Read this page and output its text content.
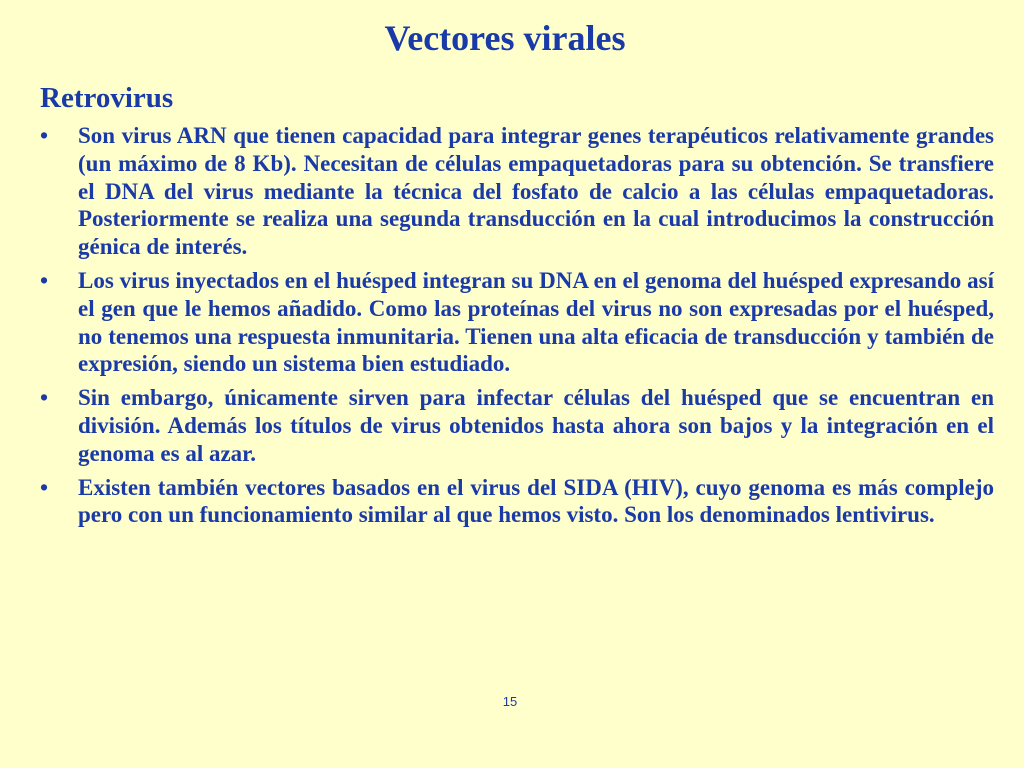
Vectores virales
Retrovirus
•	Son virus ARN que tienen capacidad para integrar genes terapéuticos relativamente grandes (un máximo de 8 Kb). Necesitan de células empaquetadoras para su obtención. Se transfiere el DNA del virus mediante la técnica del fosfato de calcio a las células empaquetadoras. Posteriormente se realiza una segunda transducción en la cual introducimos la construcción génica de interés.
•	Los virus inyectados en el huésped integran su DNA en el genoma del huésped expresando así el gen que le hemos añadido. Como las proteínas del virus no son expresadas por el huésped, no tenemos una respuesta inmunitaria. Tienen una alta eficacia de transducción y también de expresión, siendo un sistema bien estudiado.
•	Sin embargo, únicamente sirven para infectar células del huésped que se encuentran en división. Además los títulos de virus obtenidos hasta ahora son bajos y la integración en el genoma es al azar.
•	Existen también vectores basados en el virus del SIDA (HIV), cuyo genoma es más complejo pero con un funcionamiento similar al que hemos visto. Son los denominados lentivirus.
15
